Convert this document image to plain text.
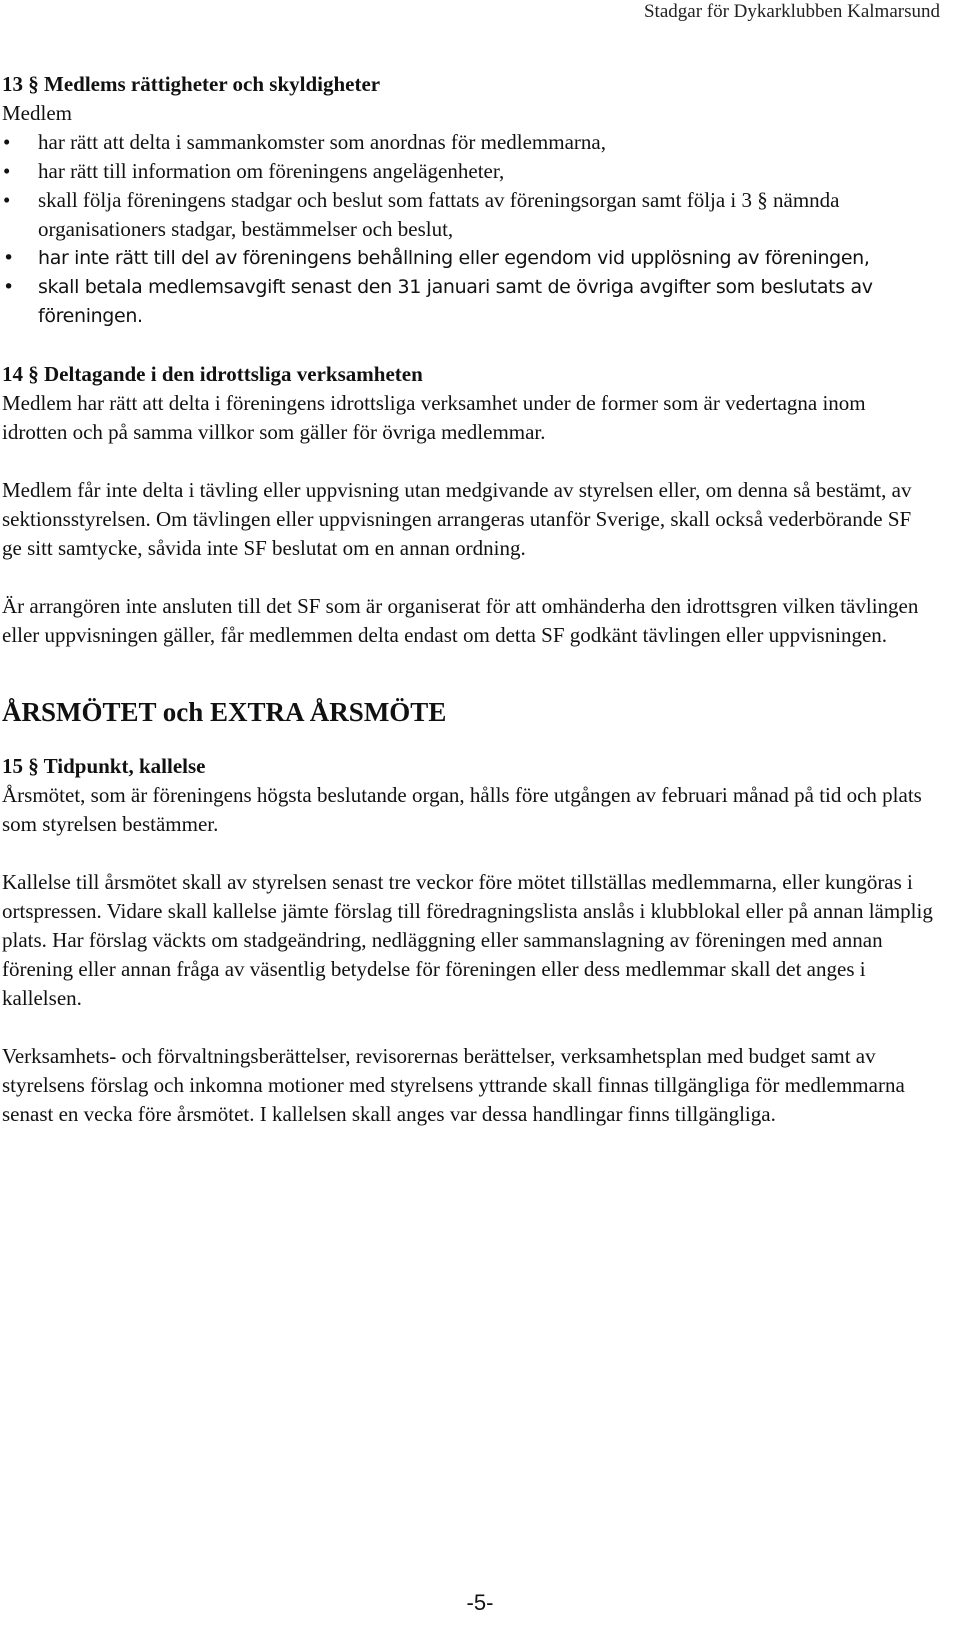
Stadgar för Dykarklubben Kalmarsund

13 § Medlems rättigheter och skyldigheter

Medlem

• har rätt att delta i sammankomster som anordnas för medlemmarna,
• har rätt till information om föreningens angelägenheter,
• skall följa föreningens stadgar och beslut som fattats av föreningsorgan samt följa i 3 § nämnda organisationers stadgar, bestämmelser och beslut,
• har inte rätt till del av föreningens behållning eller egendom vid upplösning av föreningen,
• skall betala medlemsavgift senast den 31 januari samt de övriga avgifter som beslutats av föreningen.

14 § Deltagande i den idrottsliga verksamheten

Medlem har rätt att delta i föreningens idrottsliga verksamhet under de former som är vedertagna inom idrotten och på samma villkor som gäller för övriga medlemmar.

Medlem får inte delta i tävling eller uppvisning utan medgivande av styrelsen eller, om denna så bestämt, av sektionsstyrelsen. Om tävlingen eller uppvisningen arrangeras utanför Sverige, skall också vederbörande SF ge sitt samtycke, såvida inte SF beslutat om en annan ordning.

Är arrangören inte ansluten till det SF som är organiserat för att omhänderha den idrottsgren vilken tävlingen eller uppvisningen gäller, får medlemmen delta endast om detta SF godkänt tävlingen eller uppvisningen.

ÅRSMÖTET och EXTRA ÅRSMÖTE

15 § Tidpunkt, kallelse

Årsmötet, som är föreningens högsta beslutande organ, hålls före utgången av februari månad på tid och plats som styrelsen bestämmer.

Kallelse till årsmötet skall av styrelsen senast tre veckor före mötet tillställas medlemmarna, eller kungöras i ortspressen. Vidare skall kallelse jämte förslag till föredragningslista anslås i klubblokal eller på annan lämplig plats. Har förslag väckts om stadgeändring, nedläggning eller sammanslagning av föreningen med annan förening eller annan fråga av väsentlig betydelse för föreningen eller dess medlemmar skall det anges i kallelsen.

Verksamhets- och förvaltningsberättelser, revisorernas berättelser, verksamhetsplan med budget samt av styrelsens förslag och inkomna motioner med styrelsens yttrande skall finnas tillgängliga för medlemmarna senast en vecka före årsmötet. I kallelsen skall anges var dessa handlingar finns tillgängliga.

-5-
